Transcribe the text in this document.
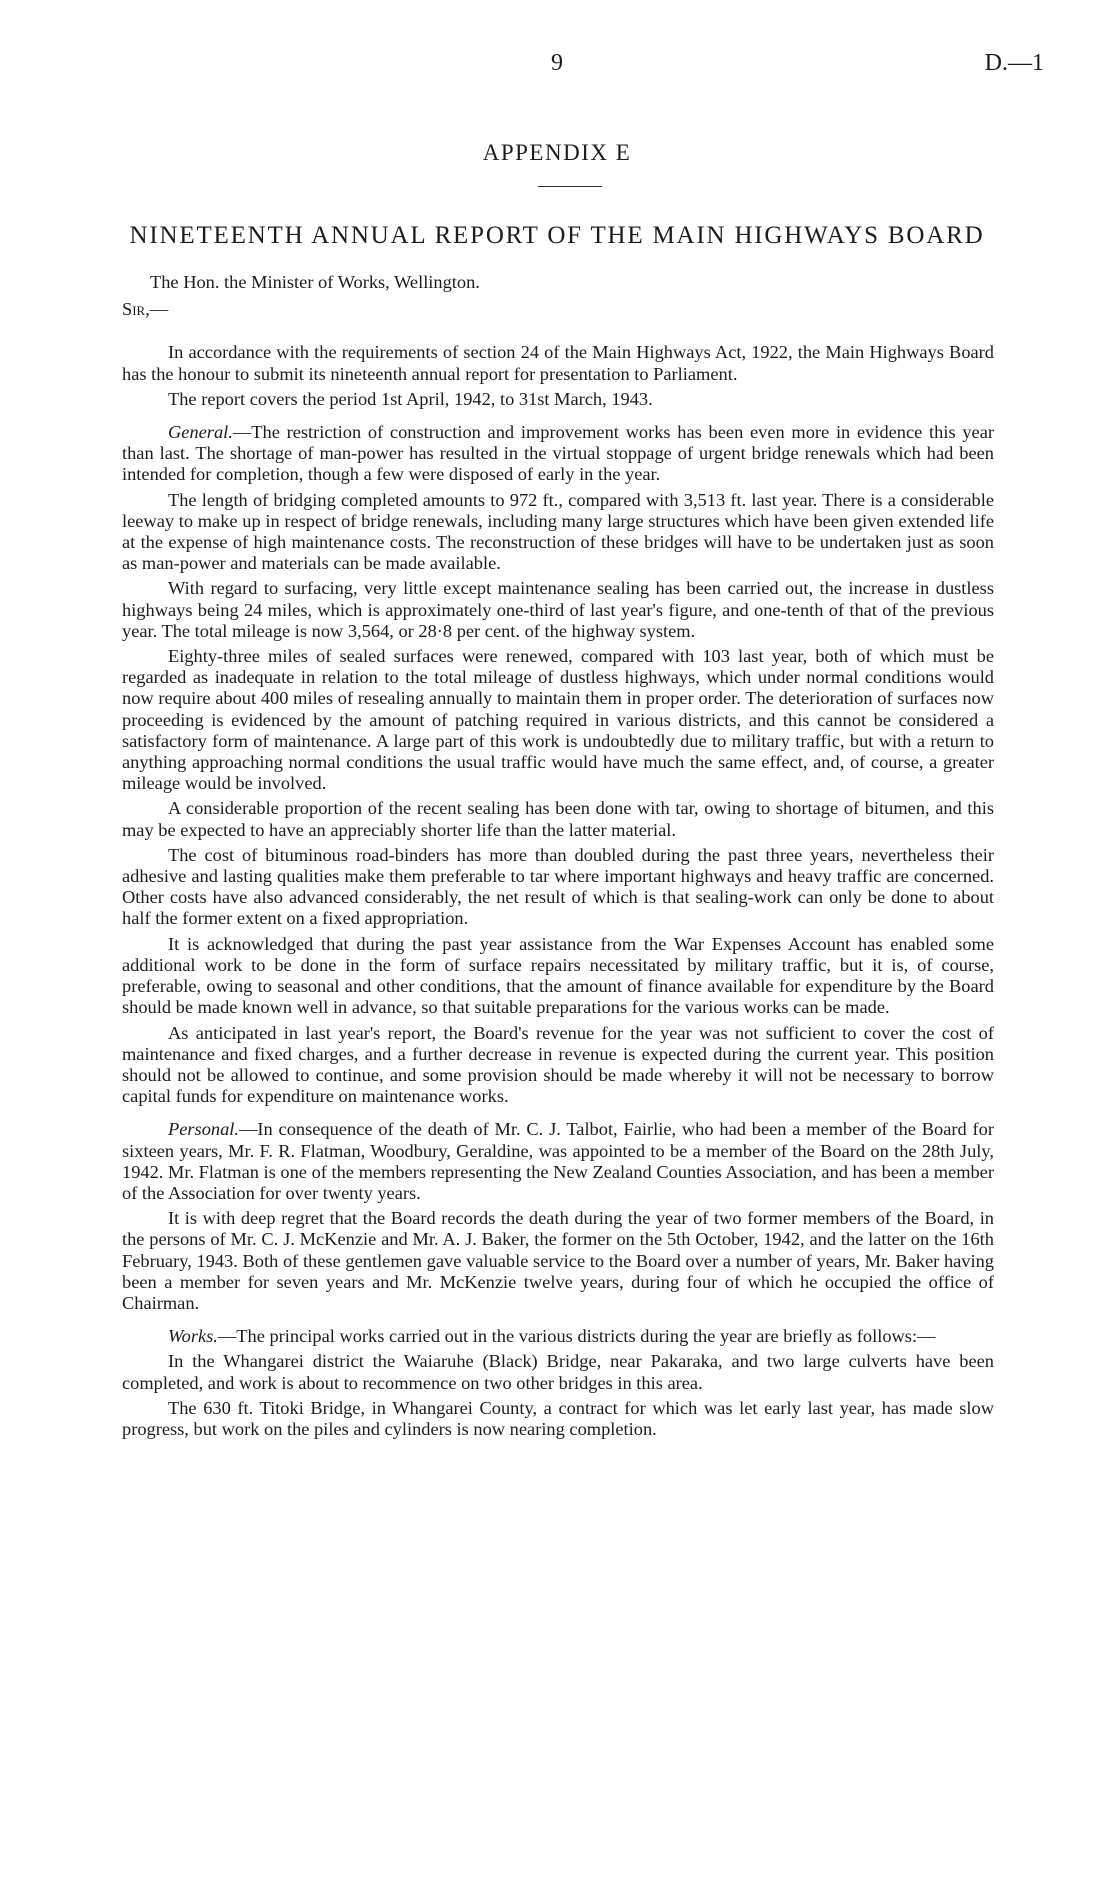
9	D.—1
APPENDIX E
NINETEENTH ANNUAL REPORT OF THE MAIN HIGHWAYS BOARD

The Hon. the Minister of Works, Wellington.

Sir,—

In accordance with the requirements of section 24 of the Main Highways Act, 1922, the Main Highways Board has the honour to submit its nineteenth annual report for presentation to Parliament.

The report covers the period 1st April, 1942, to 31st March, 1943.

General.—The restriction of construction and improvement works has been even more in evidence this year than last. The shortage of man-power has resulted in the virtual stoppage of urgent bridge renewals which had been intended for completion, though a few were disposed of early in the year.

The length of bridging completed amounts to 972 ft., compared with 3,513 ft. last year. There is a considerable leeway to make up in respect of bridge renewals, including many large structures which have been given extended life at the expense of high maintenance costs. The reconstruction of these bridges will have to be undertaken just as soon as man-power and materials can be made available.

With regard to surfacing, very little except maintenance sealing has been carried out, the increase in dustless highways being 24 miles, which is approximately one-third of last year's figure, and one-tenth of that of the previous year. The total mileage is now 3,564, or 28·8 per cent. of the highway system.

Eighty-three miles of sealed surfaces were renewed, compared with 103 last year, both of which must be regarded as inadequate in relation to the total mileage of dustless highways, which under normal conditions would now require about 400 miles of resealing annually to maintain them in proper order. The deterioration of surfaces now proceeding is evidenced by the amount of patching required in various districts, and this cannot be considered a satisfactory form of maintenance. A large part of this work is undoubtedly due to military traffic, but with a return to anything approaching normal conditions the usual traffic would have much the same effect, and, of course, a greater mileage would be involved.

A considerable proportion of the recent sealing has been done with tar, owing to shortage of bitumen, and this may be expected to have an appreciably shorter life than the latter material.

The cost of bituminous road-binders has more than doubled during the past three years, nevertheless their adhesive and lasting qualities make them preferable to tar where important highways and heavy traffic are concerned. Other costs have also advanced considerably, the net result of which is that sealing-work can only be done to about half the former extent on a fixed appropriation.

It is acknowledged that during the past year assistance from the War Expenses Account has enabled some additional work to be done in the form of surface repairs necessitated by military traffic, but it is, of course, preferable, owing to seasonal and other conditions, that the amount of finance available for expenditure by the Board should be made known well in advance, so that suitable preparations for the various works can be made.

As anticipated in last year's report, the Board's revenue for the year was not sufficient to cover the cost of maintenance and fixed charges, and a further decrease in revenue is expected during the current year. This position should not be allowed to continue, and some provision should be made whereby it will not be necessary to borrow capital funds for expenditure on maintenance works.

Personal.—In consequence of the death of Mr. C. J. Talbot, Fairlie, who had been a member of the Board for sixteen years, Mr. F. R. Flatman, Woodbury, Geraldine, was appointed to be a member of the Board on the 28th July, 1942. Mr. Flatman is one of the members representing the New Zealand Counties Association, and has been a member of the Association for over twenty years.

It is with deep regret that the Board records the death during the year of two former members of the Board, in the persons of Mr. C. J. McKenzie and Mr. A. J. Baker, the former on the 5th October, 1942, and the latter on the 16th February, 1943. Both of these gentlemen gave valuable service to the Board over a number of years, Mr. Baker having been a member for seven years and Mr. McKenzie twelve years, during four of which he occupied the office of Chairman.

Works.—The principal works carried out in the various districts during the year are briefly as follows:—

In the Whangarei district the Waiaruhe (Black) Bridge, near Pakaraka, and two large culverts have been completed, and work is about to recommence on two other bridges in this area.

The 630 ft. Titoki Bridge, in Whangarei County, a contract for which was let early last year, has made slow progress, but work on the piles and cylinders is now nearing completion.
